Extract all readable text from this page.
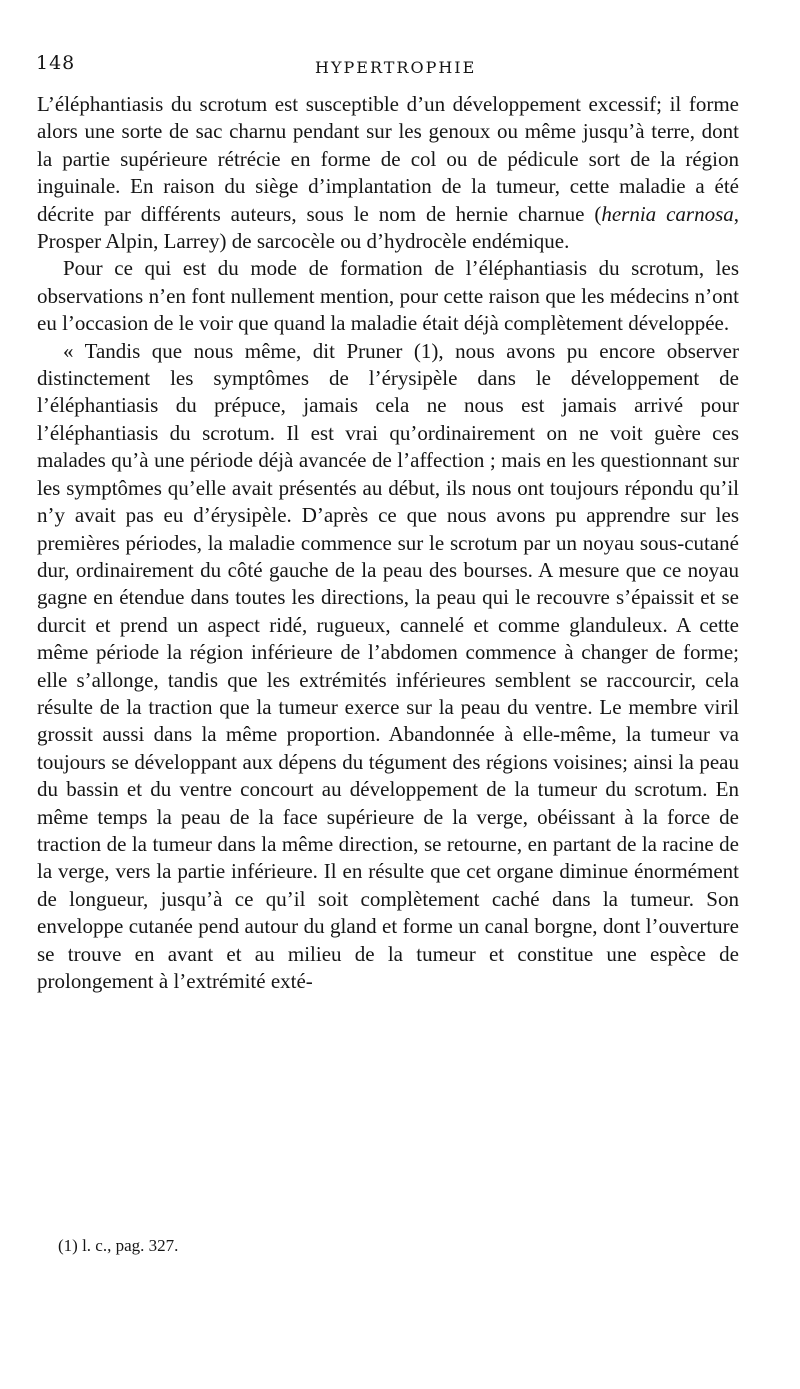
148	HYPERTROPHIE

L’éléphantiasis du scrotum est susceptible d’un développement excessif; il forme alors une sorte de sac charnu pendant sur les genoux ou même jusqu’à terre, dont la partie supérieure rétrécie en forme de col ou de pédicule sort de la région inguinale. En raison du siège d’implantation de la tumeur, cette maladie a été décrite par différents auteurs, sous le nom de hernie charnue (hernia carnosa, Prosper Alpin, Larrey) de sarcocèle ou d’hydrocèle endémique.

Pour ce qui est du mode de formation de l’éléphantiasis du scrotum, les observations n’en font nullement mention, pour cette raison que les médecins n’ont eu l’occasion de le voir que quand la maladie était déjà complètement développée.

« Tandis que nous même, dit Pruner (1), nous avons pu encore observer distinctement les symptômes de l’érysipèle dans le développement de l’éléphantiasis du prépuce, jamais cela ne nous est jamais arrivé pour l’éléphantiasis du scrotum. Il est vrai qu’ordinairement on ne voit guère ces malades qu’à une période déjà avancée de l’affection ; mais en les questionnant sur les symptômes qu’elle avait présentés au début, ils nous ont toujours répondu qu’il n’y avait pas eu d’érysipèle. D’après ce que nous avons pu apprendre sur les premières périodes, la maladie commence sur le scrotum par un noyau sous-cutané dur, ordinairement du côté gauche de la peau des bourses. A mesure que ce noyau gagne en étendue dans toutes les directions, la peau qui le recouvre s’épaissit et se durcit et prend un aspect ridé, rugueux, cannelé et comme glanduleux. A cette même période la région inférieure de l’abdomen commence à changer de forme; elle s’allonge, tandis que les extrémités inférieures semblent se raccourcir, cela résulte de la traction que la tumeur exerce sur la peau du ventre. Le membre viril grossit aussi dans la même proportion. Abandonnée à elle-même, la tumeur va toujours se développant aux dépens du tégument des régions voisines; ainsi la peau du bassin et du ventre concourt au développement de la tumeur du scrotum. En même temps la peau de la face supérieure de la verge, obéissant à la force de traction de la tumeur dans la même direction, se retourne, en partant de la racine de la verge, vers la partie inférieure. Il en résulte que cet organe diminue énormément de longueur, jusqu’à ce qu’il soit complètement caché dans la tumeur. Son enveloppe cutanée pend autour du gland et forme un canal borgne, dont l’ouverture se trouve en avant et au milieu de la tumeur et constitue une espèce de prolongement à l’extrémité exté-

(1) l. c., pag. 327.
